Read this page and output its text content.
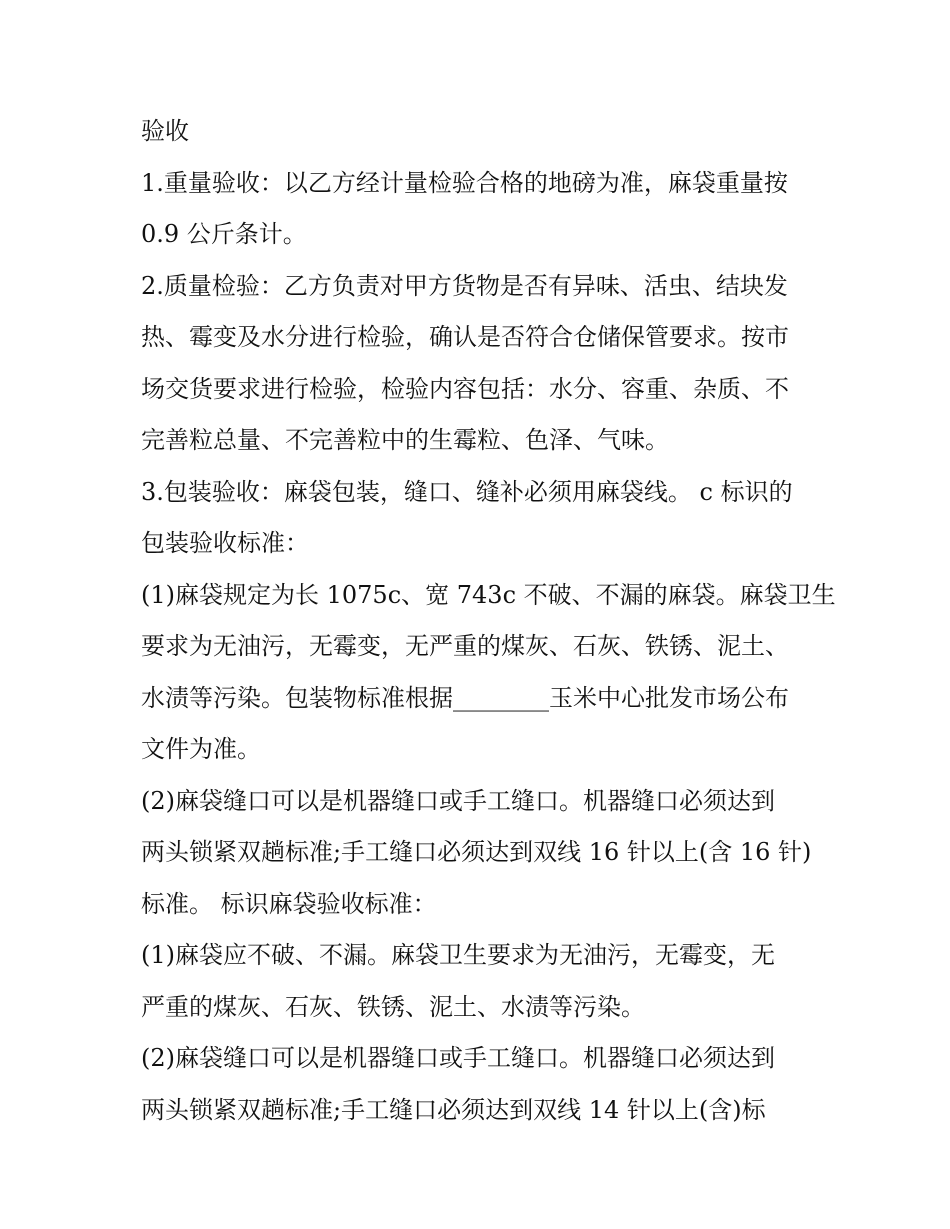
验收
1.重量验收：以乙方经计量检验合格的地磅为准，麻袋重量按
0.9 公斤条计。
2.质量检验：乙方负责对甲方货物是否有异味、活虫、结块发
热、霉变及水分进行检验，确认是否符合仓储保管要求。按市
场交货要求进行检验，检验内容包括：水分、容重、杂质、不
完善粒总量、不完善粒中的生霉粒、色泽、气味。
3.包装验收：麻袋包装，缝口、缝补必须用麻袋线。 c 标识的
包装验收标准：
(1)麻袋规定为长 1075c、宽 743c 不破、不漏的麻袋。麻袋卫生
要求为无油污，无霉变，无严重的煤灰、石灰、铁锈、泥土、
水渍等污染。包装物标准根据________玉米中心批发市场公布
文件为准。
(2)麻袋缝口可以是机器缝口或手工缝口。机器缝口必须达到
两头锁紧双趟标准;手工缝口必须达到双线 16 针以上(含 16 针)
标准。 标识麻袋验收标准：
(1)麻袋应不破、不漏。麻袋卫生要求为无油污，无霉变，无
严重的煤灰、石灰、铁锈、泥土、水渍等污染。
(2)麻袋缝口可以是机器缝口或手工缝口。机器缝口必须达到
两头锁紧双趟标准;手工缝口必须达到双线 14 针以上(含)标
